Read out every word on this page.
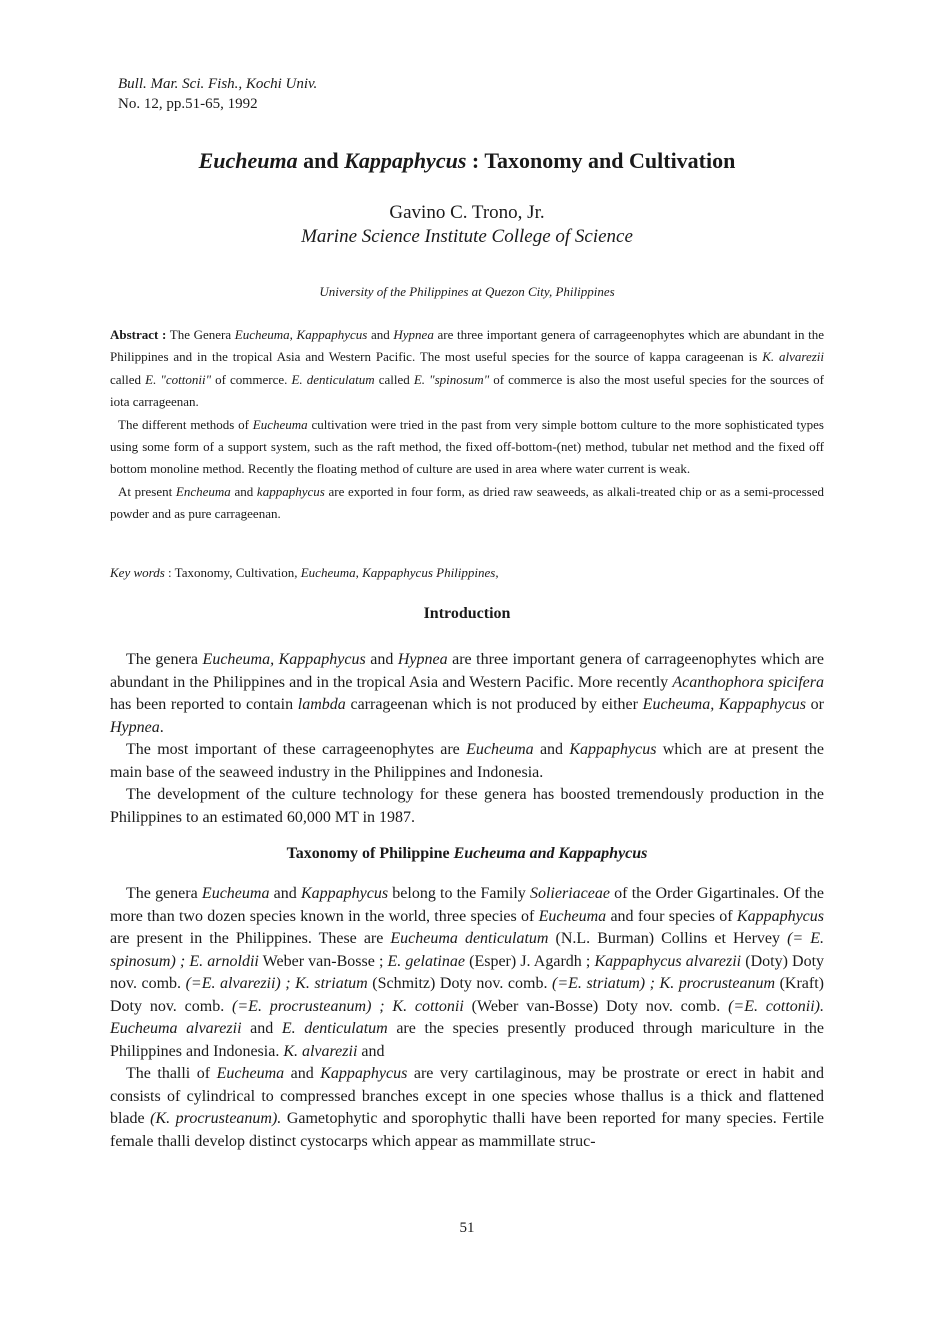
Bull. Mar. Sci. Fish., Kochi Univ.
No. 12, pp.51-65, 1992
Eucheuma and Kappaphycus : Taxonomy and Cultivation
Gavino C. Trono, Jr.
Marine Science Institute College of Science
University of the Philippines at Quezon City, Philippines

Abstract : The Genera Eucheuma, Kappaphycus and Hypnea are three important genera of carrageenophytes which are abundant in the Philippines and in the tropical Asia and Western Pacific. The most useful species for the source of kappa carageenan is K. alvarezii called E. "cottonii" of commerce. E. denticulatum called E. "spinosum" of commerce is also the most useful species for the sources of iota carrageenan.

The different methods of Eucheuma cultivation were tried in the past from very simple bottom culture to the more sophisticated types using some form of a support system, such as the raft method, the fixed off-bottom-(net) method, tubular net method and the fixed off bottom monoline method. Recently the floating method of culture are used in area where water current is weak.

At present Encheuma and kappaphycus are exported in four form, as dried raw seaweeds, as alkali-treated chip or as a semi-processed powder and as pure carrageenan.

Key words : Taxonomy, Cultivation, Eucheuma, Kappaphycus Philippines,
Introduction

The genera Eucheuma, Kappaphycus and Hypnea are three important genera of carrageenophytes which are abundant in the Philippines and in the tropical Asia and Western Pacific. More recently Acanthophora spicifera has been reported to contain lambda carrageenan which is not produced by either Eucheuma, Kappaphycus or Hypnea.

The most important of these carrageenophytes are Eucheuma and Kappaphycus which are at present the main base of the seaweed industry in the Philippines and Indonesia.

The development of the culture technology for these genera has boosted tremendously production in the Philippines to an estimated 60,000 MT in 1987.

Taxonomy of Philippine Eucheuma and Kappaphycus

The genera Eucheuma and Kappaphycus belong to the Family Solieriaceae of the Order Gigartinales. Of the more than two dozen species known in the world, three species of Eucheuma and four species of Kappaphycus are present in the Philippines. These are Eucheuma denticulatum (N.L. Burman) Collins et Hervey (= E. spinosum) ; E. arnoldii Weber van-Bosse ; E. gelatinae (Esper) J. Agardh ; Kappaphycus alvarezii (Doty) Doty nov. comb. (=E. alvarezii) ; K. striatum (Schmitz) Doty nov. comb. (=E. striatum) ; K. procrusteanum (Kraft) Doty nov. comb. (=E. procrusteanum) ; K. cottonii (Weber van-Bosse) Doty nov. comb. (=E. cottonii). Eucheuma alvarezii and E. denticulatum are the species presently produced through mariculture in the Philippines and Indonesia. K. alvarezii and

The thalli of Eucheuma and Kappaphycus are very cartilaginous, may be prostrate or erect in habit and consists of cylindrical to compressed branches except in one species whose thallus is a thick and flattened blade (K. procrusteanum). Gametophytic and sporophytic thalli have been reported for many species. Fertile female thalli develop distinct cystocarps which appear as mammillate struc-

51
